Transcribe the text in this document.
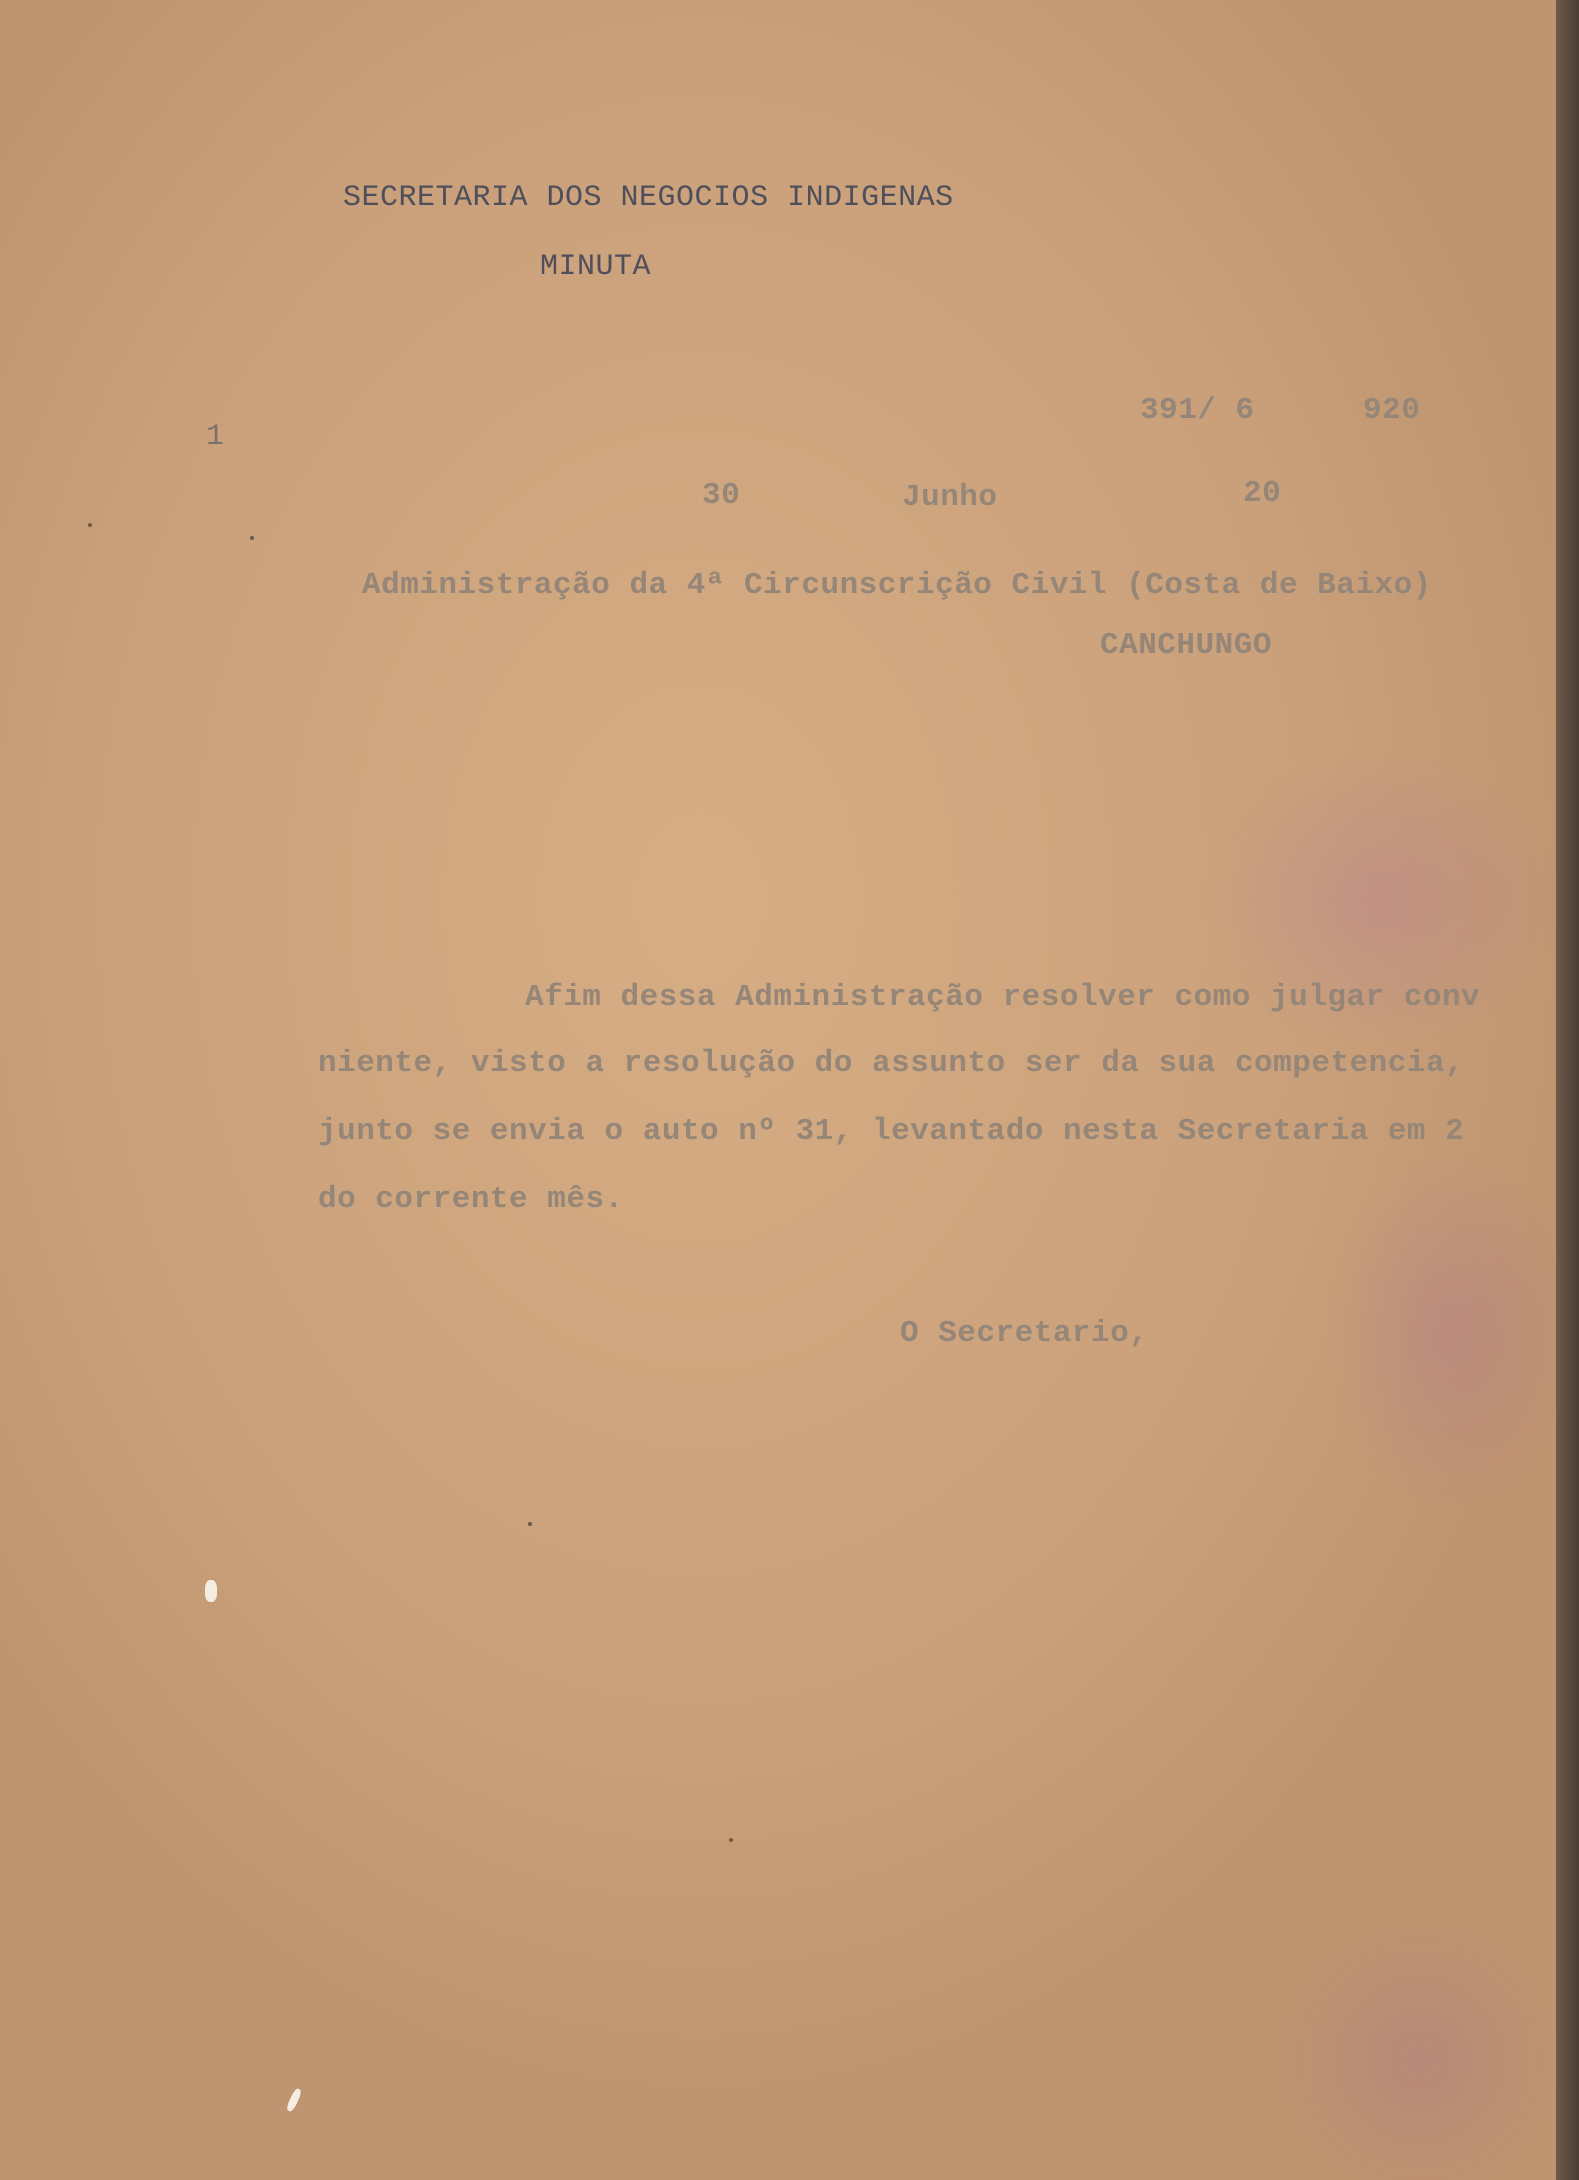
SECRETARIA DOS NEGOCIOS INDIGENAS
MINUTA
1
391/ 6	920
30	Junho	20
Administração da 4ª Circunscrição Civil (Costa de Baixo)
CANCHUNGO
Afim dessa Administração resolver como julgar conv
niente, visto a resolução do assunto ser da sua competencia,
junto se envia o auto nº 31, levantado nesta Secretaria em 2
do corrente mês.
O Secretario,
